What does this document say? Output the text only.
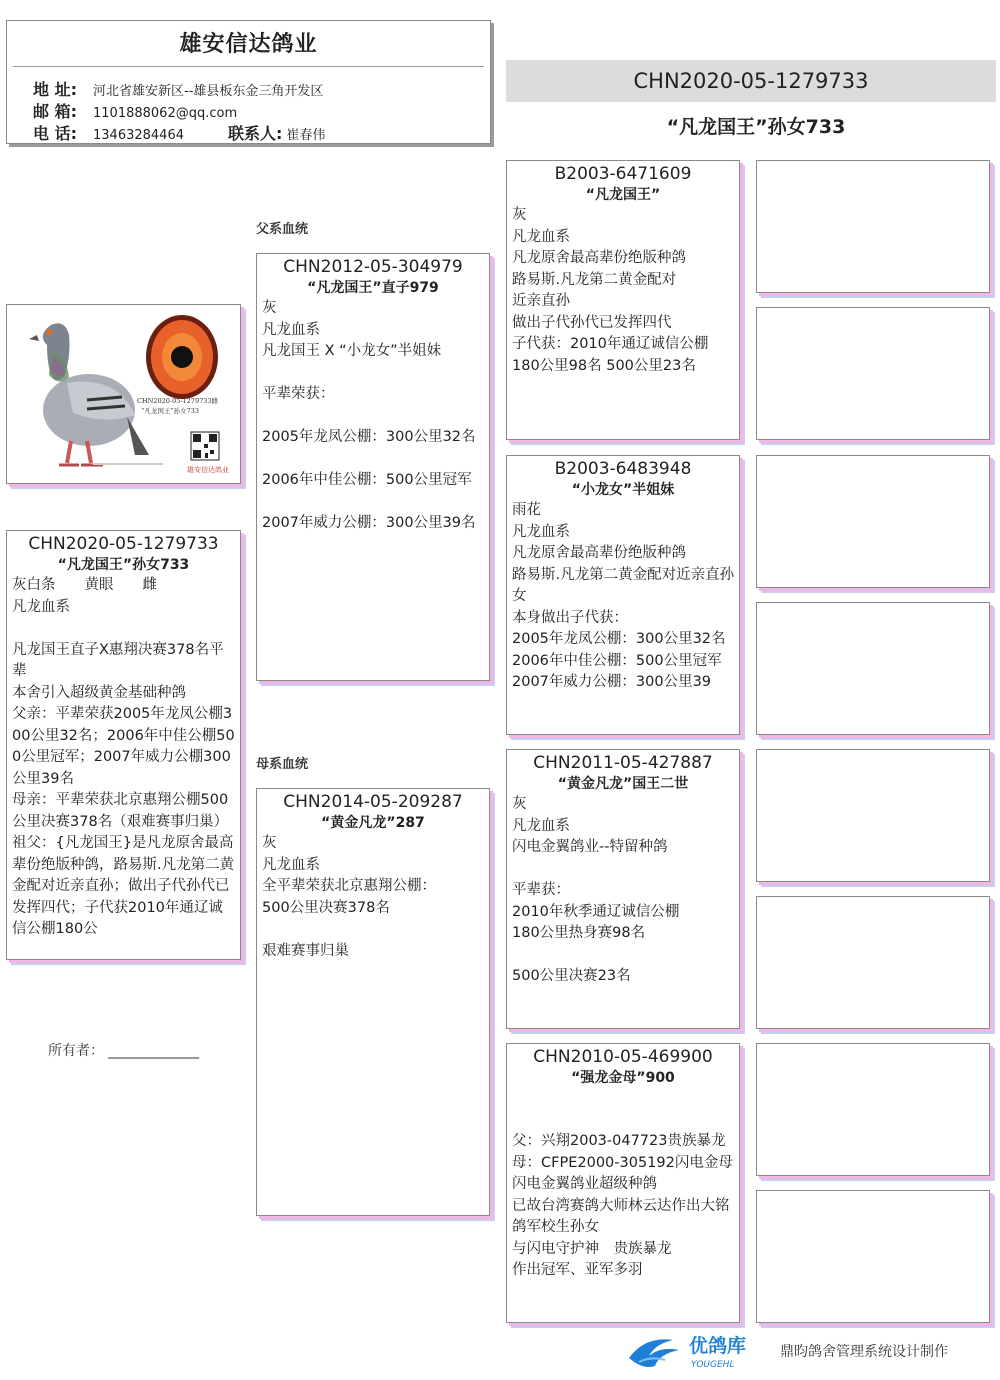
雄安信达鸽业
地 址: 河北省雄安新区--雄县板东金三角开发区
邮 箱: 1101888062@qq.com
电 话: 13463284464	联系人: 崔春伟
CHN2020-05-1279733
“凡龙国王”孙女733
父系血统
母系血统
CHN2020-05-1279733雌
“凡龙国王”孙女733
雄安信达鸽业
CHN2020-05-1279733
“凡龙国王”孙女733
灰白条　　黄眼　　雌
凡龙血系
凡龙国王直子X惠翔决赛378名平辈
本舍引入超级黄金基础种鸽
父亲：平辈荣获2005年龙凤公棚300公里32名；2006年中佳公棚500公里冠军；2007年威力公棚300公里39名
母亲：平辈荣获北京惠翔公棚500公里决赛378名（艰难赛事归巢）
祖父：{凡龙国王}是凡龙原舍最高辈份绝版种鸽，路易斯.凡龙第二黄金配对近亲直孙；做出子代孙代已发挥四代；子代获2010年通辽诚信公棚180公
所有者： _____________
CHN2012-05-304979
“凡龙国王”直子979
灰
凡龙血系
凡龙国王 X “小龙女”半姐妹
平辈荣获：
2005年龙凤公棚：300公里32名
2006年中佳公棚：500公里冠军
2007年威力公棚：300公里39名
CHN2014-05-209287
“黄金凡龙”287
灰
凡龙血系
全平辈荣获北京惠翔公棚：
500公里决赛378名
艰难赛事归巢
B2003-6471609
“凡龙国王”
灰
凡龙血系
凡龙原舍最高辈份绝版种鸽
路易斯.凡龙第二黄金配对
近亲直孙
做出子代孙代已发挥四代
子代获：2010年通辽诚信公棚
180公里98名 500公里23名
B2003-6483948
“小龙女”半姐妹
雨花
凡龙血系
凡龙原舍最高辈份绝版种鸽
路易斯.凡龙第二黄金配对近亲直孙女
本身做出子代获：
2005年龙凤公棚：300公里32名
2006年中佳公棚：500公里冠军
2007年威力公棚：300公里39
CHN2011-05-427887
“黄金凡龙”国王二世
灰
凡龙血系
闪电金翼鸽业--特留种鸽
平辈获：
2010年秋季通辽诚信公棚
180公里热身赛98名
500公里决赛23名
CHN2010-05-469900
“强龙金母”900
父：兴翔2003-047723贵族暴龙
母：CFPE2000-305192闪电金母
闪电金翼鸽业超级种鸽
已故台湾赛鸽大师林云达作出大铭鸽军校生孙女
与闪电守护神　贵族暴龙
作出冠军、亚军多羽
优鸽库
YOUGEHL
鼎昀鸽舍管理系统设计制作
